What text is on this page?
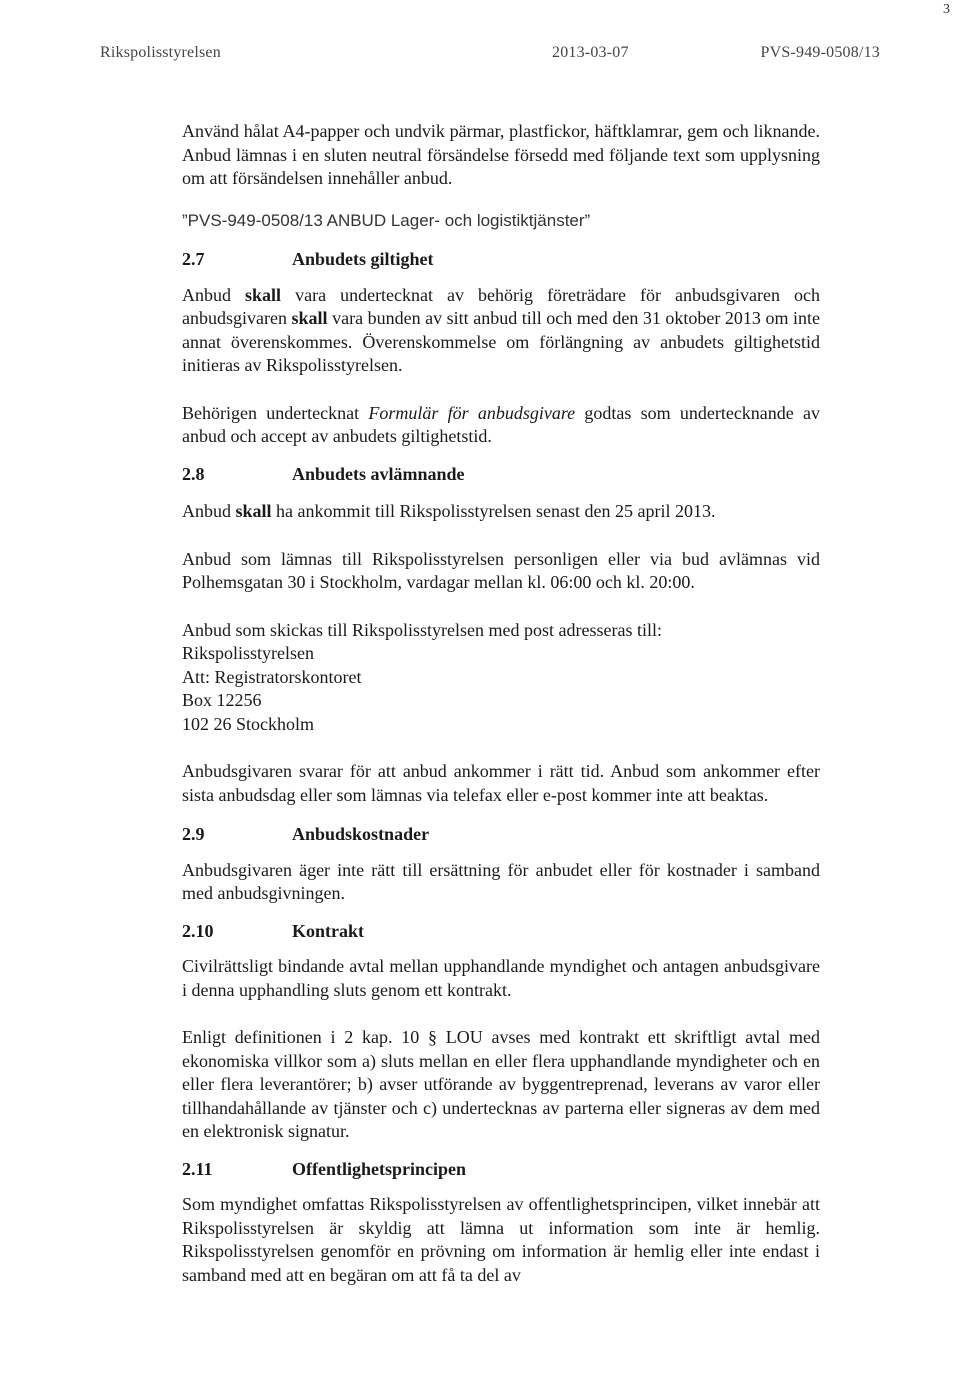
3
Rikspolisstyrelsen	2013-03-07	PVS-949-0508/13

Använd hålat A4-papper och undvik pärmar, plastfickor, häftklamrar, gem och liknande. Anbud lämnas i en sluten neutral försändelse försedd med följande text som upplysning om att försändelsen innehåller anbud.

”PVS-949-0508/13 ANBUD Lager- och logistiktjänster”

2.7	Anbudets giltighet

Anbud skall vara undertecknat av behörig företrädare för anbudsgivaren och anbudsgivaren skall vara bunden av sitt anbud till och med den 31 oktober 2013 om inte annat överenskommes. Överenskommelse om förlängning av anbudets giltighetstid initieras av Rikspolisstyrelsen.

Behörigen undertecknat Formulär för anbudsgivare godtas som undertecknande av anbud och accept av anbudets giltighetstid.

2.8	Anbudets avlämnande

Anbud skall ha ankommit till Rikspolisstyrelsen senast den 25 april 2013.

Anbud som lämnas till Rikspolisstyrelsen personligen eller via bud avlämnas vid Polhemsgatan 30 i Stockholm, vardagar mellan kl. 06:00 och kl. 20:00.

Anbud som skickas till Rikspolisstyrelsen med post adresseras till:

Rikspolisstyrelsen
Att: Registratorskontoret
Box 12256
102 26 Stockholm

Anbudsgivaren svarar för att anbud ankommer i rätt tid. Anbud som ankommer efter sista anbudsdag eller som lämnas via telefax eller e-post kommer inte att beaktas.

2.9	Anbudskostnader

Anbudsgivaren äger inte rätt till ersättning för anbudet eller för kostnader i samband med anbudsgivningen.

2.10	Kontrakt

Civilrättsligt bindande avtal mellan upphandlande myndighet och antagen anbudsgivare i denna upphandling sluts genom ett kontrakt.

Enligt definitionen i 2 kap. 10 § LOU avses med kontrakt ett skriftligt avtal med ekonomiska villkor som a) sluts mellan en eller flera upphandlande myndigheter och en eller flera leverantörer; b) avser utförande av byggentreprenad, leverans av varor eller tillhandahållande av tjänster och c) undertecknas av parterna eller signeras av dem med en elektronisk signatur.

2.11	Offentlighetsprincipen

Som myndighet omfattas Rikspolisstyrelsen av offentlighetsprincipen, vilket innebär att Rikspolisstyrelsen är skyldig att lämna ut information som inte är hemlig. Rikspolisstyrelsen genomför en prövning om information är hemlig eller inte endast i samband med att en begäran om att få ta del av
